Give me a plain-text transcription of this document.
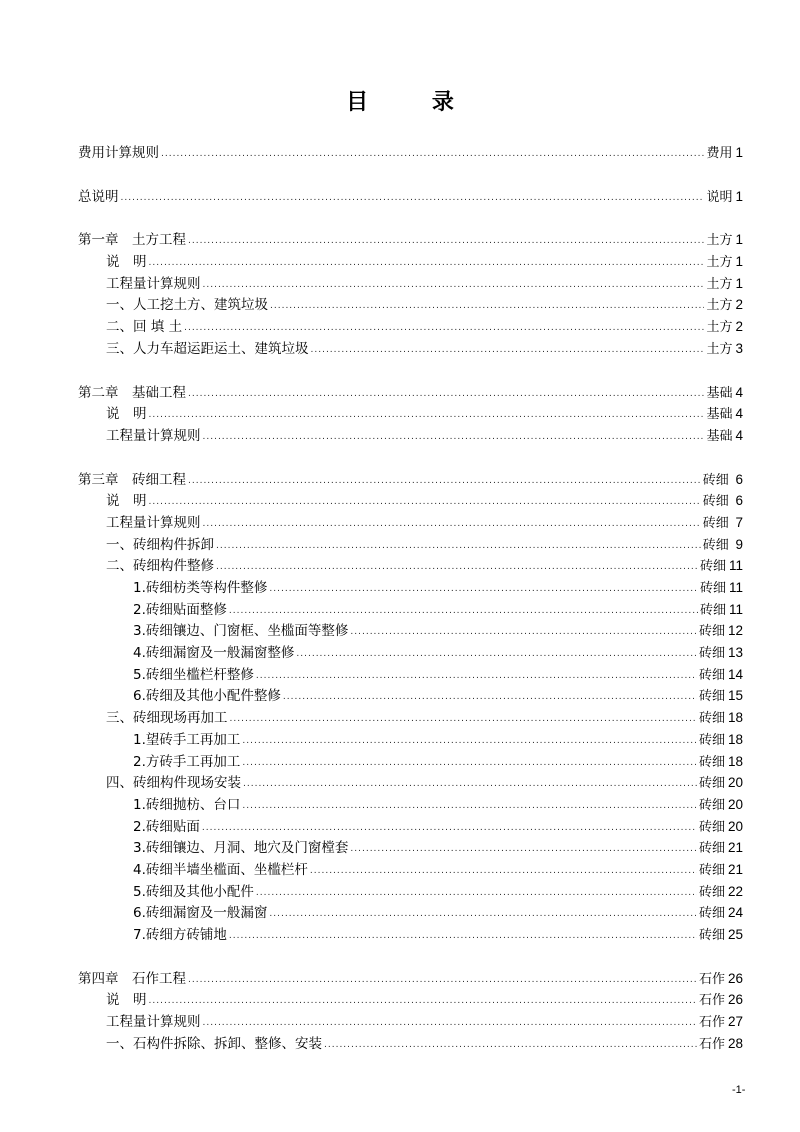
目 录
费用计算规则 .....	费用 1
总说明 .....	说明 1
第一章　土方工程 .....	土方 1
说　明 .....	土方 1
工程量计算规则 .....	土方 1
一、人工挖土方、建筑垃圾 .....	土方 2
二、回 填 土 .....	土方 2
三、人力车超运距运土、建筑垃圾 .....	土方 3
第二章　基础工程 .....	基础 4
说　明 .....	基础 4
工程量计算规则 .....	基础 4
第三章　砖细工程 .....	砖细 6
说　明 .....	砖细 6
工程量计算规则 .....	砖细 7
一、砖细构件拆卸 .....	砖细 9
二、砖细构件整修 .....	砖细 11
1.砖细枋类等构件整修 .....	砖细 11
2.砖细贴面整修 .....	砖细 11
3.砖细镶边、门窗框、坐槛面等整修 .....	砖细 12
4.砖细漏窗及一般漏窗整修 .....	砖细 13
5.砖细坐槛栏杆整修 .....	砖细 14
6.砖细及其他小配件整修 .....	砖细 15
三、砖细现场再加工 .....	砖细 18
1.望砖手工再加工 .....	砖细 18
2.方砖手工再加工 .....	砖细 18
四、砖细构件现场安装 .....	砖细 20
1.砖细抛枋、台口 .....	砖细 20
2.砖细贴面 .....	砖细 20
3.砖细镶边、月洞、地穴及门窗樘套 .....	砖细 21
4.砖细半墙坐槛面、坐槛栏杆 .....	砖细 21
5.砖细及其他小配件 .....	砖细 22
6.砖细漏窗及一般漏窗 .....	砖细 24
7.砖细方砖铺地 .....	砖细 25
第四章　石作工程 .....	石作 26
说　明 .....	石作 26
工程量计算规则 .....	石作 27
一、石构件拆除、拆卸、整修、安装 .....	石作 28
-1-
